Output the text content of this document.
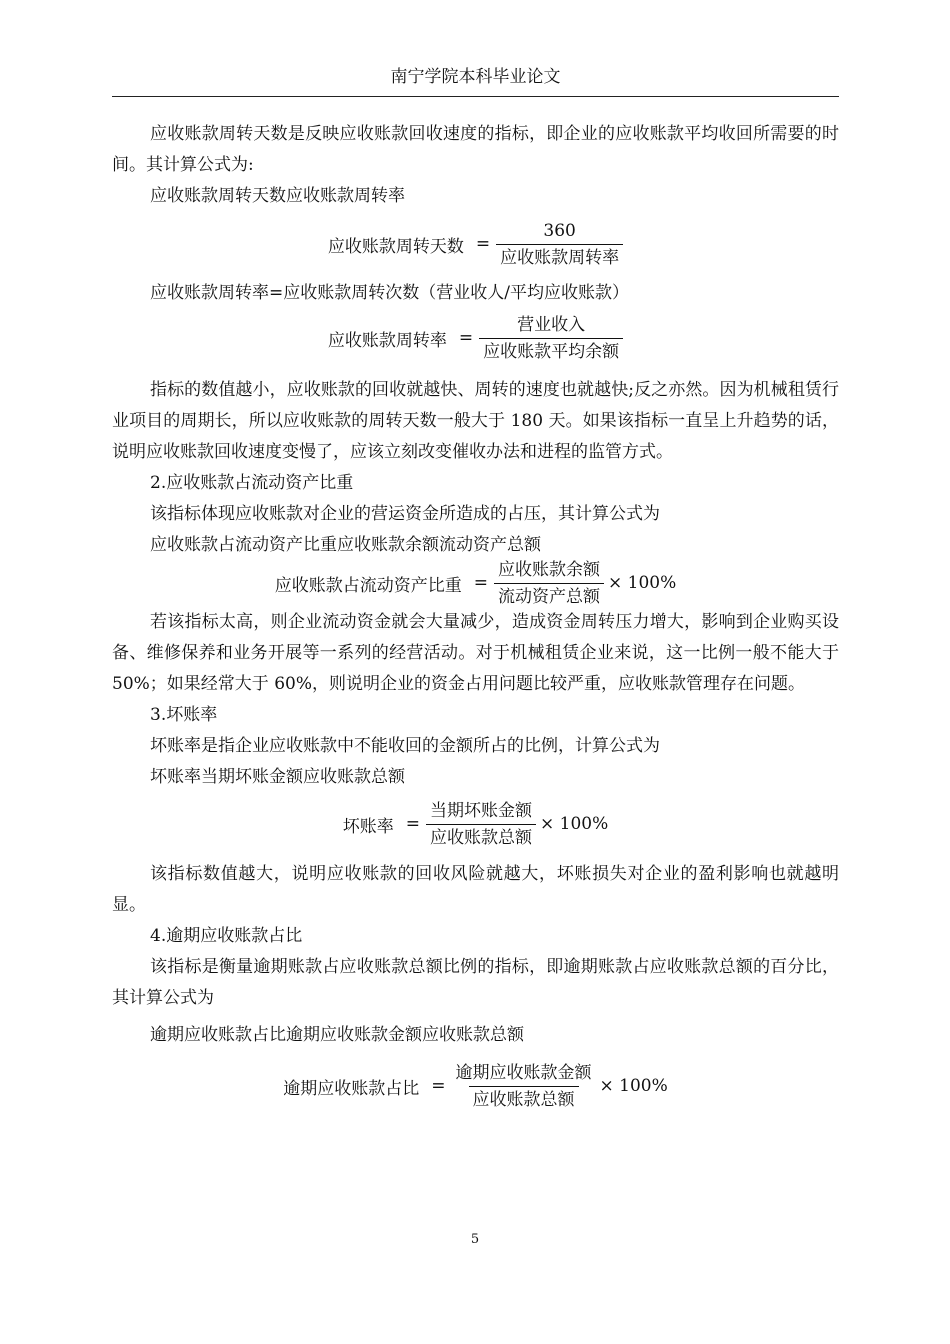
南宁学院本科毕业论文

应收账款周转天数是反映应收账款回收速度的指标，即企业的应收账款平均收回所需要的时间。其计算公式为:

应收账款周转天数应收账款周转率

应收账款周转天数 = $\frac{360}{\text{应收账款周转率}}$

应收账款周转率=应收账款周转次数（营业收人/平均应收账款）

应收账款周转率 = $\frac{\text{营业收入}}{\text{应收账款平均余额}}$

指标的数值越小，应收账款的回收就越快、周转的速度也就越快;反之亦然。因为机械租赁行业项目的周期长，所以应收账款的周转天数一般大于 180 天。如果该指标一直呈上升趋势的话，说明应收账款回收速度变慢了，应该立刻改变催收办法和进程的监管方式。

2.应收账款占流动资产比重

该指标体现应收账款对企业的营运资金所造成的占压，其计算公式为

应收账款占流动资产比重应收账款余额流动资产总额

应收账款占流动资产比重 = $\frac{\text{应收账款余额}}{\text{流动资产总额}} \times 100\%$

若该指标太高，则企业流动资金就会大量减少，造成资金周转压力增大，影响到企业购买设备、维修保养和业务开展等一系列的经营活动。对于机械租赁企业来说，这一比例一般不能大于 50%；如果经常大于 60%，则说明企业的资金占用问题比较严重，应收账款管理存在问题。

3.坏账率

坏账率是指企业应收账款中不能收回的金额所占的比例，计算公式为

坏账率当期坏账金额应收账款总额

坏账率 = $\frac{\text{当期坏账金额}}{\text{应收账款总额}} \times 100\%$

该指标数值越大，说明应收账款的回收风险就越大，坏账损失对企业的盈利影响也就越明显。

4.逾期应收账款占比

该指标是衡量逾期账款占应收账款总额比例的指标，即逾期账款占应收账款总额的百分比，其计算公式为

逾期应收账款占比逾期应收账款金额应收账款总额

逾期应收账款占比 = $\frac{\text{逾期应收账款金额}}{\text{应收账款总额}} \times 100\%$
5
